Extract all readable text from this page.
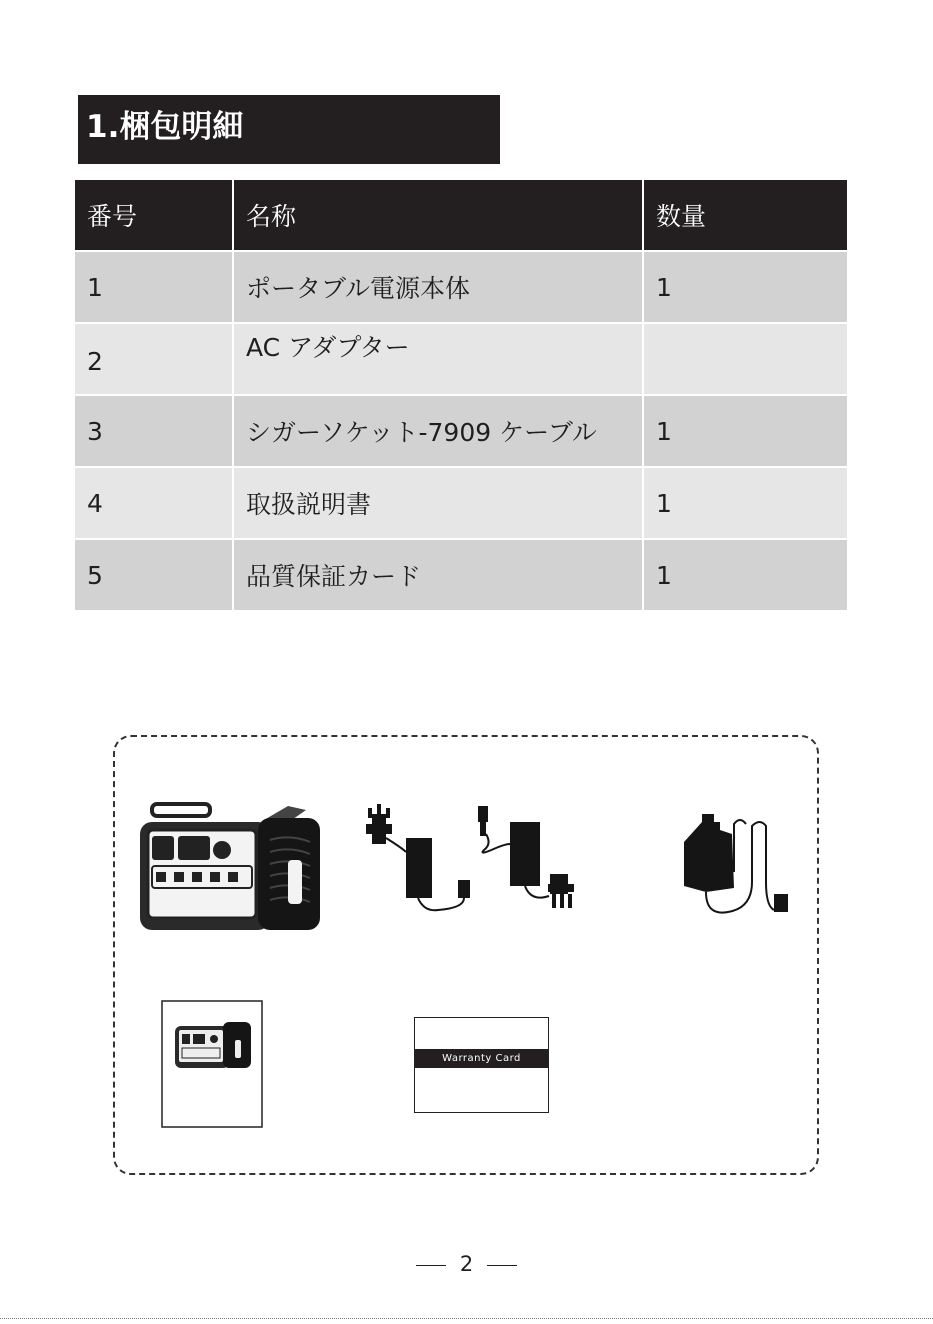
1.梱包明細
番号	名称	数量
1	ポータブル電源本体	1
2	AC アダプター	

3	シガーソケット-7909 ケーブル	1
4	取扱説明書	1
5	品質保証カード	1
Warranty Card
2
